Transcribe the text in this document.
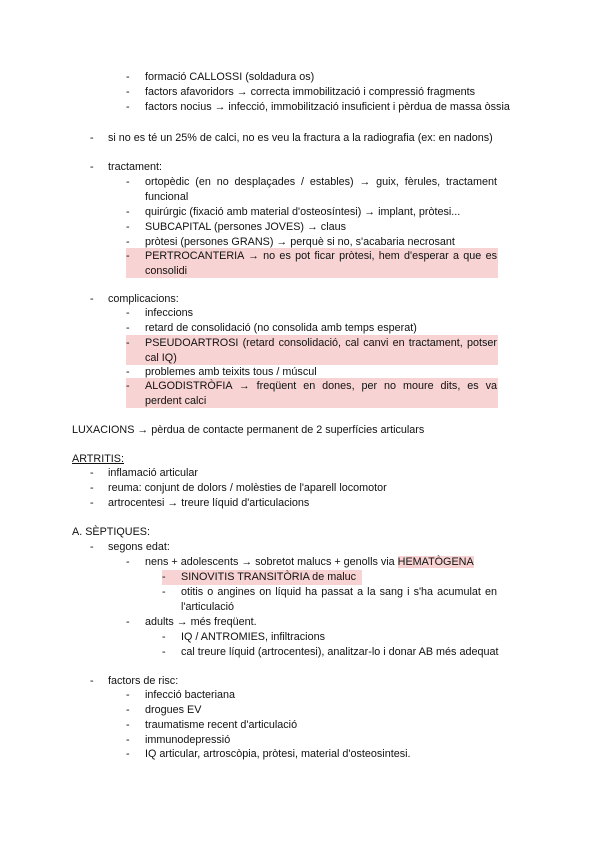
-	formació CALLOSSI (soldadura os)
-	factors afavoridors → correcta immobilització i compressió fragments
-	factors nocius → infecció, immobilització insuficient i pèrdua de massa òssia
-	si no es té un 25% de calci, no es veu la fractura a la radiografia (ex: en nadons)
-	tractament:
-	ortopèdic (en no desplaçades / estables) → guix, fèrules, tractament funcional
-	quirúrgic (fixació amb material d'osteosíntesi) → implant, pròtesi...
-	SUBCAPITAL (persones JOVES) → claus
-	pròtesi (persones GRANS) → perquè si no, s'acabaria necrosant
-	PERTROCANTERIA → no es pot ficar pròtesi, hem d'esperar a que es consolidi
-	complicacions:
-	infeccions
-	retard de consolidació (no consolida amb temps esperat)
-	PSEUDOARTROSI (retard consolidació, cal canvi en tractament, potser cal IQ)
-	problemes amb teixits tous / múscul
-	ALGODISTRÒFIA → freqüent en dones, per no moure dits, es va perdent calci
LUXACIONS → pèrdua de contacte permanent de 2 superfícies articulars
ARTRITIS:
-	inflamació articular
-	reuma: conjunt de dolors / molèsties de l'aparell locomotor
-	artrocentesi → treure líquid d'articulacions
A. SÈPTIQUES:
-	segons edat:
-	nens + adolescents → sobretot malucs + genolls via HEMATÒGENA
-	SINOVITIS TRANSITÒRIA de maluc
-	otitis o angines on líquid ha passat a la sang i s'ha acumulat en l'articulació
-	adults → més freqüent.
-	IQ / ANTROMIES, infiltracions
-	cal treure líquid (artrocentesi), analitzar-lo i donar AB més adequat
-	factors de risc:
-	infecció bacteriana
-	drogues EV
-	traumatisme recent d'articulació
-	immunodepressió
-	IQ articular, artroscòpia, pròtesi, material d'osteosintesi.
